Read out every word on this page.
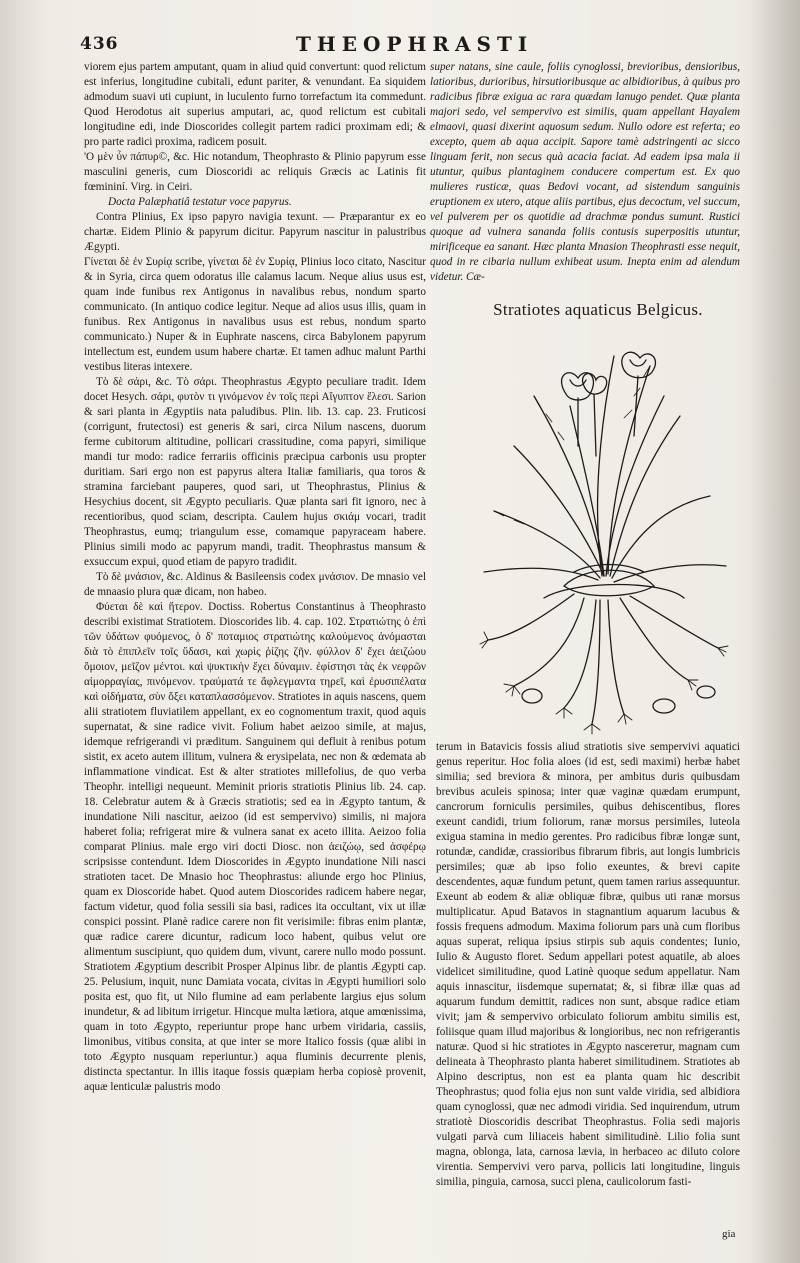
436	THEOPHRASTI

viorem ejus partem amputant, quam in aliud quid convertunt: quod relictum est inferius, longitudine cubitali, edunt pariter, & venundant. Ea siquidem admodum suavi uti cupiunt, in luculento furno torrefactum ita commedunt. Quod Herodotus ait superius amputari, ac, quod relictum est cubitali longitudine edi, inde Dioscorides collegit partem radici proximam edi; & pro parte radici proxima, radicem posuit.

'Ο μὲν ὖν πάπυρ©, &c. Hic notandum, Theophrasto & Plinio papyrum esse masculini generis, cum Dioscoridi ac reliquis Græcis ac Latinis fit fœmininí. Virg. in Ceiri.

Docta Palæphatiâ testatur voce papyrus.

Contra Plinius, Ex ipso papyro navigia texunt. — Præparantur ex eo chartæ. Eidem Plinio & papyrum dicitur. Papyrum nascitur in palustribus Ægypti.

Γίνεται δὲ ἐν Συρίᾳ scribe, γίνεται δὲ ἐν Συρίᾳ, Plinius loco citato, Nascitur & in Syria, circa quem odoratus ille calamus lacum. Neque alius usus est, quam inde funibus rex Antigonus in navalibus rebus, nondum sparto communicato. (In antiquo codice legitur. Neque ad alios usus illis, quam in funibus. Rex Antigonus in navalibus usus est rebus, nondum sparto communicato.) Nuper & in Euphrate nascens, circa Babylonem papyrum intellectum est, eundem usum habere chartæ. Et tamen adhuc malunt Parthi vestibus literas intexere.

Τὸ δὲ σάρι, &c. Τὸ σάρι. Theophrastus Ægypto peculiare tradit. Idem docet Hesych. σάρι, φυτὸν τι γινόμενον ἐν τοῖς περὶ Αἴγυπτον ἕλεσι. Sarion & sari planta in Ægyptiis nata paludibus. Plin. lib. 13. cap. 23. Fruticosi (corrigunt, frutectosi) est generis & sari, circa Nilum nascens, duorum ferme cubitorum altitudine, pollicari crassitudine, coma papyri, similique mandi tur modo: radice ferrariis officinis præcipua carbonis usu propter duritiam. Sari ergo non est papyrus altera Italiæ familiaris, qua toros & stramina farciebant pauperes, quod sari, ut Theophrastus, Plinius & Hesychius docent, sit Ægypto peculiaris. Quæ planta sari fit ignoro, nec à recentioribus, quod sciam, descripta. Caulem hujus σκιάμ vocari, tradit Theophrastus, eumq; triangulum esse, comamque papyraceam habere. Plinius simili modo ac papyrum mandi, tradit. Theophrastus mansum & exsuccum expui, quod etiam de papyro tradidit.

Τὸ δὲ μνάσιον, &c. Aldinus & Basileensis codex μνάσιον. De mnasio vel de mnaasio plura quæ dicam, non habeo.

Φύεται δὲ καὶ ἥτερον. Doctiss. Robertus Constantinus à Theophrasto describi existimat Stratiotem. Dioscorides lib. 4. cap. 102. Στρατιώτης ὁ ἐπὶ τῶν ὑδάτων φυόμενος, ὁ δ' ποταμιος στρατιώτης καλούμενος ἀνόμασται διὰ τὸ ἐπιπλεῖν τοῖς ὕδασι, καὶ χωρὶς ῥίζης ζῆν. φύλλον δ' ἔχει ἀειζώου ὅμοιον, μεῖζον μέντοι. καὶ ψυκτικὴν ἔχει δύναμιν. ἐφίστησι τὰς ἐκ νεφρῶν αἱμορραγίας, πινόμενον. τραύματά τε ἄφλεγμαντα τηρεῖ, καὶ ἐρυσιπέλατα καὶ οἰδήματα, σὺν ὄξει καταπλασσόμενον. Stratiotes in aquis nascens, quem alii stratiotem fluviatilem appellant, ex eo cognomentum traxit, quod aquis supernatat, & sine radice vivit. Folium habet aeizoo simile, at majus, idemque refrigerandi vi præditum. Sanguinem qui defluit à renibus potum sistit, ex aceto autem illitum, vulnera & erysipelata, nec non & œdemata ab inflammatione vindicat. Est & alter stratiotes millefolius, de quo verba Theophr. intelligi nequeunt. Meminit prioris stratiotis Plinius lib. 24. cap. 18. Celebratur autem & à Græcis stratiotis; sed ea in Ægypto tantum, & inundatione Nili nascitur, aeizoo (id est sempervivo) similis, ni majora haberet folia; refrigerat mire & vulnera sanat ex aceto illita. Aeizoo folia comparat Plinius. male ergo viri docti Diosc. non ἀειζώῳ, sed ἀσφέρῳ scripsisse contendunt. Idem Dioscorides in Ægypto inundatione Nili nasci stratioten tacet. De Mnasio hoc Theophrastus: aliunde ergo hoc Plinius, quam ex Dioscoride habet. Quod autem Dioscorides radicem habere negar, factum videtur, quod folia sessili sia basi, radices ita occultant, vix ut illæ conspici possint. Planè radice carere non fit verisimile: fibras enim plantæ, quæ radice carere dicuntur, radicum loco habent, quibus velut ore alimentum suscipiunt, quo quidem dum, vivunt, carere nullo modo possunt. Stratiotem Ægyptium describit Prosper Alpinus libr. de plantis Ægypti cap. 25. Pelusium, inquit, nunc Damiata vocata, civitas in Ægypti humiliori solo posita est, quo fit, ut Nilo flumine ad eam perlabente largius ejus solum inundetur, & ad libitum irrigetur. Hincque multa lætiora, atque amœnissima, quam in toto Ægypto, reperiuntur prope hanc urbem viridaria, cassiis, limonibus, vitibus consita, at que inter se more Italico fossis (quæ alibi in toto Ægypto nusquam reperiuntur.) aqua fluminis decurrente plenis, distincta spectantur. In illis itaque fossis quæpiam herba copiosè provenit, aquæ lenticulæ palustris modo

super natans, sine caule, foliis cynoglossi, brevioribus, densioribus, latioribus, durioribus, hirsutioribusque ac albidioribus, à quibus pro radicibus fibræ exigua ac rara quædam lanugo pendet. Quæ planta majori sedo, vel sempervivo est similis, quam appellant Hayalem elmaovi, quasi dixerint aquosum sedum. Nullo odore est referta; eo excepto, quem ab aqua accipit. Sapore tamè adstringenti ac sicco linguam ferit, non secus quà acacia faciat. Ad eadem ipsa mala ii utuntur, quibus plantaginem conducere compertum est. Ex quo mulieres rusticæ, quas Bedovi vocant, ad sistendum sanguinis eruptionem ex utero, atque aliis partibus, ejus decoctum, vel succum, vel pulverem per os quotidie ad drachmæ pondus sumunt. Rustici quoque ad vulnera sananda foliis contusis superpositis utuntur, mirificeque ea sanant. Hæc planta Mnasion Theophrasti esse nequit, quod in re cibaria nullum exhibeat usum. Inepta enim ad alendum videtur. Cæ-

Stratiotes aquaticus Belgicus.

terum in Batavicis fossis aliud stratiotis sive sempervivi aquatici genus reperitur. Hoc folia aloes (id est, sedi maximi) herbæ habet similia; sed breviora & minora, per ambitus duris quibusdam brevibus aculeis spinosa; inter quæ vaginæ quædam erumpunt, cancrorum forniculis persimiles, quibus dehiscentibus, flores exeunt candidi, trium foliorum, ranæ morsus persimiles, luteola exigua stamina in medio gerentes. Pro radicibus fibræ longæ sunt, rotundæ, candidæ, crassioribus fibrarum fibris, aut longis lumbricis persimiles; quæ ab ipso folio exeuntes, & brevi capite descendentes, aquæ fundum petunt, quem tamen rarius assequuntur. Exeunt ab eodem & aliæ obliquæ fibræ, quibus uti ranæ morsus multiplicatur. Apud Batavos in stagnantium aquarum lacubus & fossis frequens admodum. Maxima foliorum pars unà cum floribus aquas superat, reliqua ipsius stirpis sub aquis condentes; Iunio, Iulio & Augusto floret. Sedum appellari potest aquatile, ab aloes videlicet similitudine, quod Latinè quoque sedum appellatur. Nam aquis innascitur, iisdemque supernatat; &, si fibræ illæ quas ad aquarum fundum demittit, radices non sunt, absque radice etiam vivit; jam & sempervivo orbiculato foliorum ambitu similis est, foliisque quam illud majoribus & longioribus, nec non refrigerantis naturæ. Quod si hic stratiotes in Ægypto nascereтur, magnam cum delineata à Theophrasto planta haberet similitudinem. Stratiotes ab Alpino descriptus, non est ea planta quam hic describit Theophrastus; quod folia ejus non sunt valde viridia, sed albidiora quam cynoglossi, quæ nec admodi viridia. Sed inquirendum, utrum stratiotè Dioscoridis describat Theophrastus. Folia sedi majoris vulgati parvà cum liliaceis habent similitudinè. Lilio folia sunt magna, oblonga, lata, carnosa lævia, in herbaceo ac diluto colore virentia. Sempervivi vero parva, pollicis lati longitudine, linguis similia, pinguia, carnosa, succi plena, caulicolorum fasti-

gia
